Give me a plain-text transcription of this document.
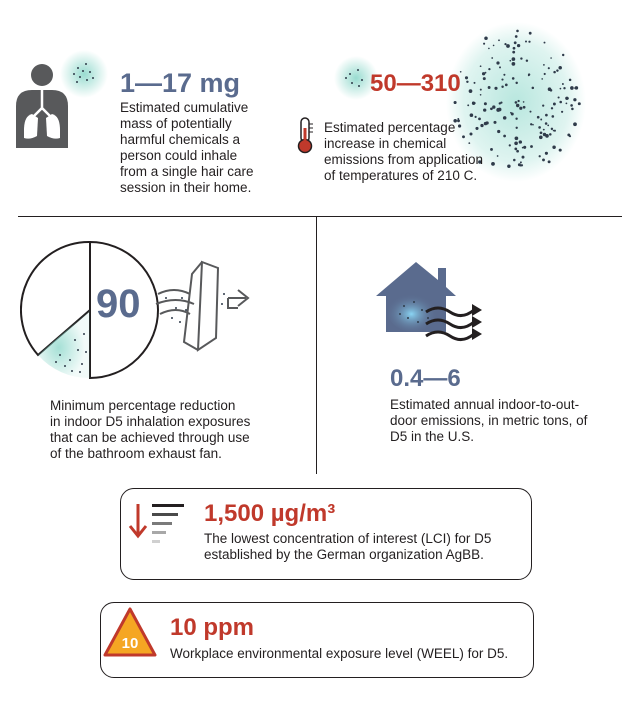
1—17 mg
Estimated cumulative
mass of potentially
harmful chemicals a
person could inhale
from a single hair care
session in their home.
50—310
Estimated percentage
increase in chemical
emissions from application
of temperatures of 210 C.
90
Minimum percentage reduction
in indoor D5 inhalation exposures
that can be achieved through use
of the bathroom exhaust fan.
0.4—6
Estimated annual indoor-to-out-
door emissions, in metric tons, of
D5 in the U.S.
1,500 µg/m³
The lowest concentration of interest (LCI) for D5
established by the German organization AgBB.
10
10 ppm
Workplace environmental exposure level (WEEL) for D5.
